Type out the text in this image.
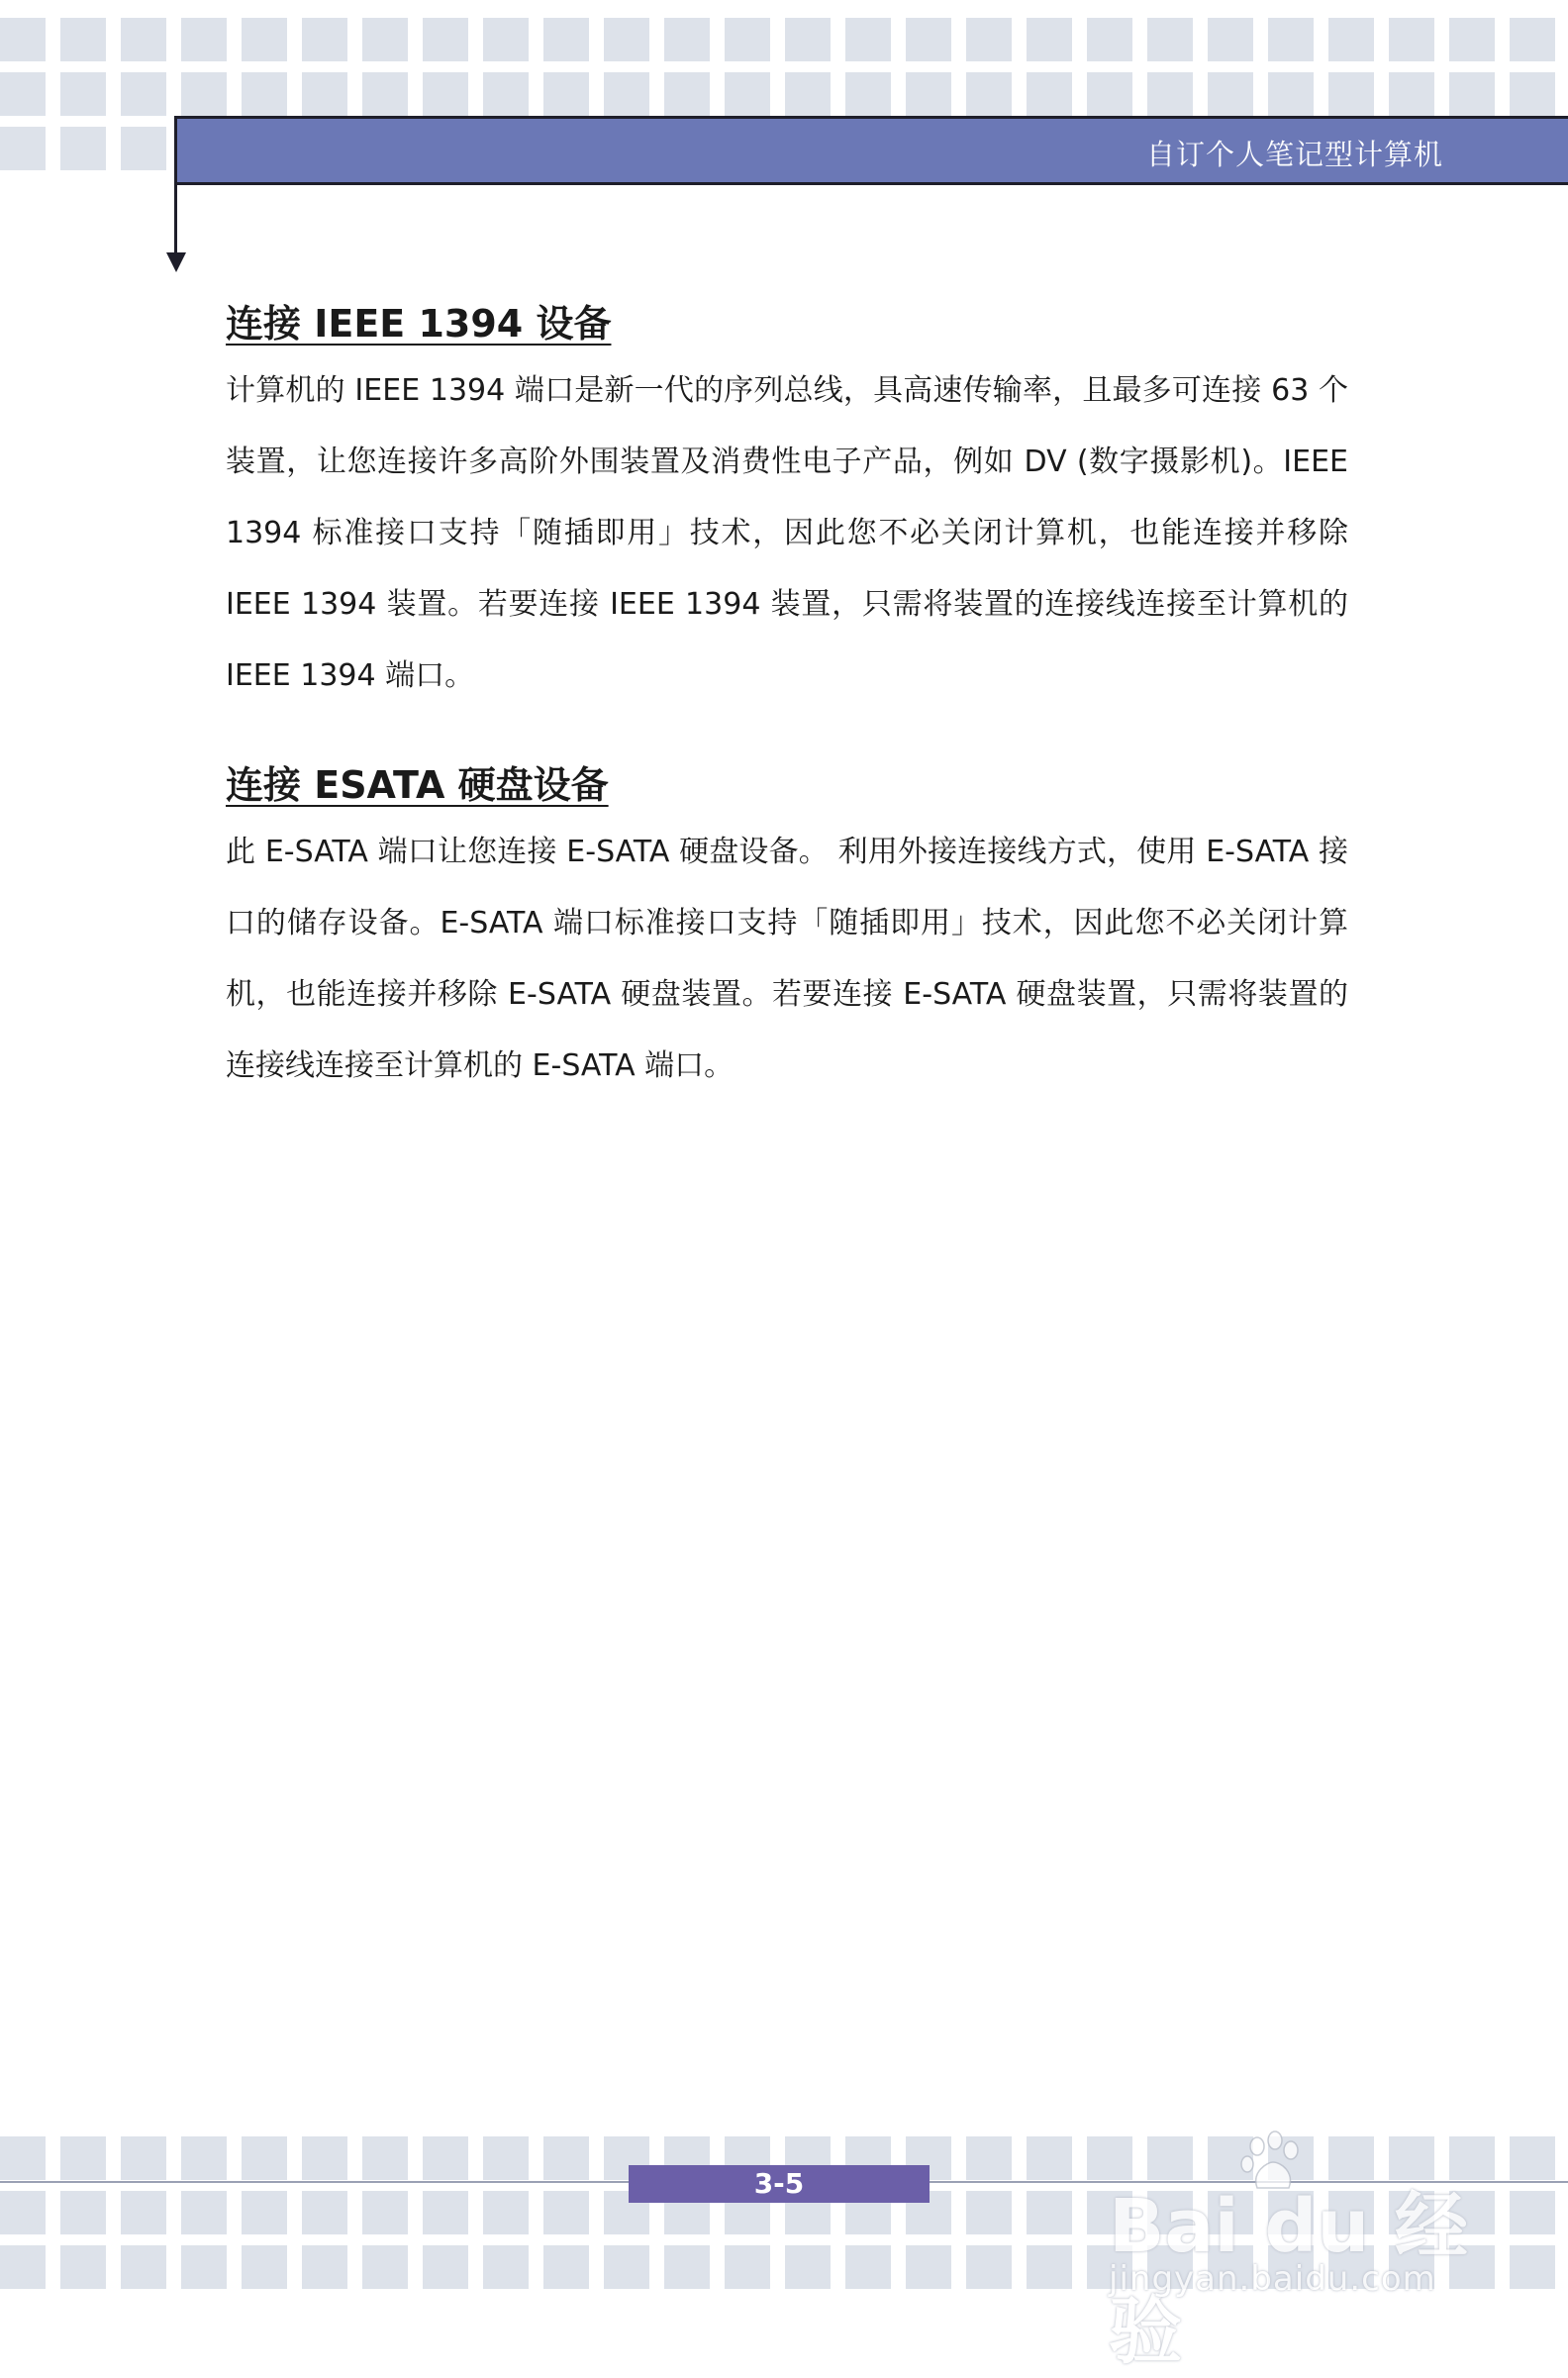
自订个人笔记型计算机
连接 IEEE 1394 设备

计算机的 IEEE 1394 端口是新一代的序列总线，具高速传输率，且最多可连接 63 个装置，让您连接许多高阶外围装置及消费性电子产品，例如 DV (数字摄影机)。IEEE 1394 标准接口支持「随插即用」技术，因此您不必关闭计算机，也能连接并移除 IEEE 1394 装置。若要连接 IEEE 1394 装置，只需将装置的连接线连接至计算机的 IEEE 1394 端口。

连接 ESATA 硬盘设备

此 E-SATA 端口让您连接 E-SATA 硬盘设备。 利用外接连接线方式，使用 E-SATA 接口的储存设备。E-SATA 端口标准接口支持「随插即用」技术，因此您不必关闭计算机，也能连接并移除 E-SATA 硬盘装置。若要连接 E-SATA 硬盘装置，只需将装置的连接线连接至计算机的 E-SATA 端口。

3-5
Bai du 经验
jingyan.baidu.com
